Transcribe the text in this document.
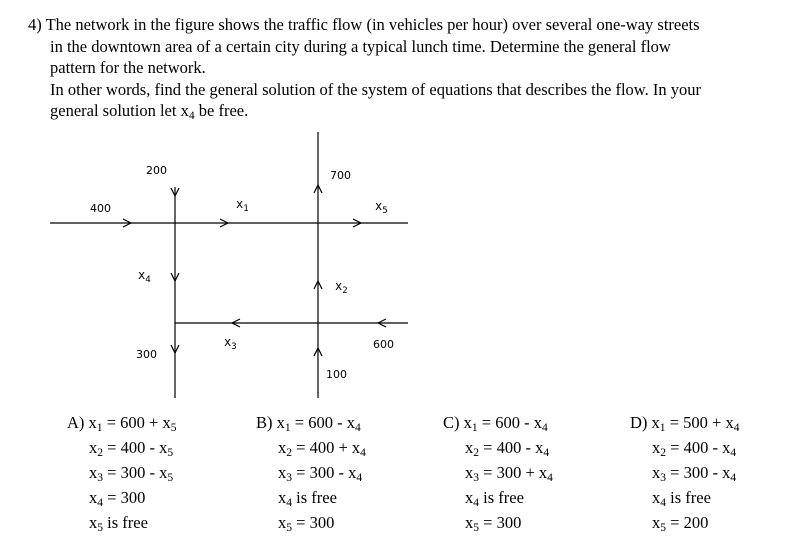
4) The network in the figure shows the traffic flow (in vehicles per hour) over several one-way streets
in the downtown area of a certain city during a typical lunch time. Determine the general flow
pattern for the network.
In other words, find the general solution of the system of equations that describes the flow. In your
general solution let $x_4$ be free.
200	700
400
300
100
600
$x_1$	$x_5$
$x_4$	$x_2$
$x_3$
A) $x_1 = 600 + x_5$
$x_2 = 400 - x_5$
$x_3 = 300 - x_5$
$x_4 = 300$
$x_5$ is free
B) $x_1 = 600 - x_4$
$x_2 = 400 + x_4$
$x_3 = 300 - x_4$
$x_4$ is free
$x_5 = 300$
C) $x_1 = 600 - x_4$
$x_2 = 400 - x_4$
$x_3 = 300 + x_4$
$x_4$ is free
$x_5 = 300$
D) $x_1 = 500 + x_4$
$x_2 = 400 - x_4$
$x_3 = 300 - x_4$
$x_4$ is free
$x_5 = 200$
